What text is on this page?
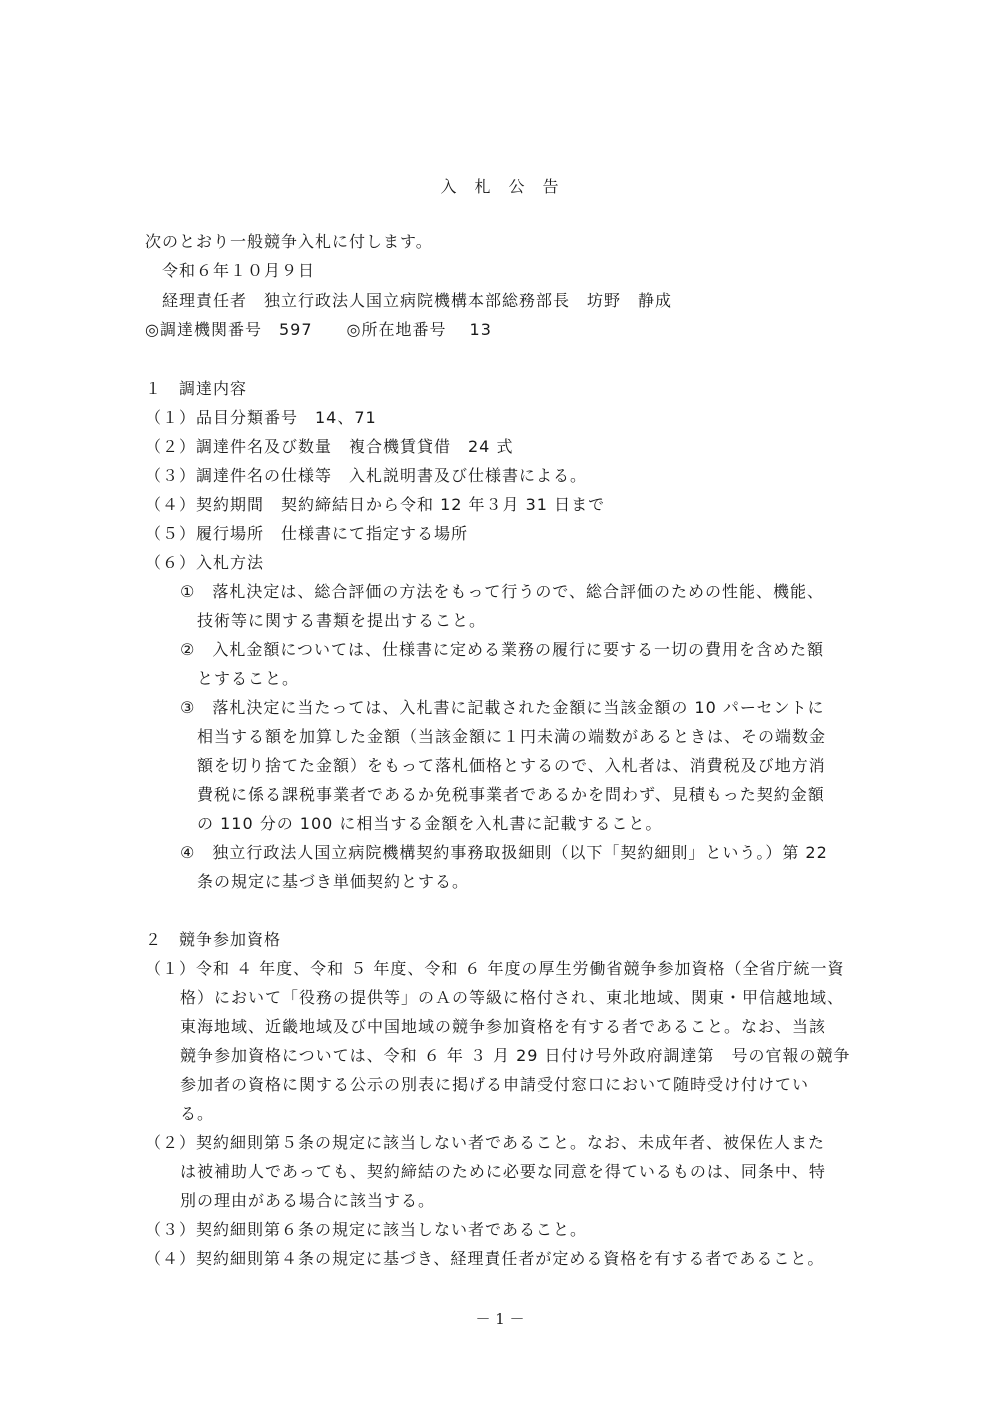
入　札　公　告
次のとおり一般競争入札に付します。
令和６年１０月９日
経理責任者　独立行政法人国立病院機構本部総務部長　坊野　静成
◎調達機関番号　597　　◎所在地番号　 13
１　調達内容
（１）品目分類番号　14、71
（２）調達件名及び数量　複合機賃貸借　24 式
（３）調達件名の仕様等　入札説明書及び仕様書による。
（４）契約期間　契約締結日から令和 12 年３月 31 日まで
（５）履行場所　仕様書にて指定する場所
（６）入札方法
①　落札決定は、総合評価の方法をもって行うので、総合評価のための性能、機能、
技術等に関する書類を提出すること。
②　入札金額については、仕様書に定める業務の履行に要する一切の費用を含めた額
とすること。
③　落札決定に当たっては、入札書に記載された金額に当該金額の 10 パーセントに
相当する額を加算した金額（当該金額に１円未満の端数があるときは、その端数金
額を切り捨てた金額）をもって落札価格とするので、入札者は、消費税及び地方消
費税に係る課税事業者であるか免税事業者であるかを問わず、見積もった契約金額
の 110 分の 100 に相当する金額を入札書に記載すること。
④　独立行政法人国立病院機構契約事務取扱細則（以下「契約細則」という。）第 22
条の規定に基づき単価契約とする。
２　競争参加資格
（１）令和 ４ 年度、令和 ５ 年度、令和 ６ 年度の厚生労働省競争参加資格（全省庁統一資
格）において「役務の提供等」のＡの等級に格付され、東北地域、関東・甲信越地域、
東海地域、近畿地域及び中国地域の競争参加資格を有する者であること。なお、当該
競争参加資格については、令和 ６ 年 ３ 月 29 日付け号外政府調達第　号の官報の競争
参加者の資格に関する公示の別表に掲げる申請受付窓口において随時受け付けてい
る。
（２）契約細則第５条の規定に該当しない者であること。なお、未成年者、被保佐人また
は被補助人であっても、契約締結のために必要な同意を得ているものは、同条中、特
別の理由がある場合に該当する。
（３）契約細則第６条の規定に該当しない者であること。
（４）契約細則第４条の規定に基づき、経理責任者が定める資格を有する者であること。
－ 1 －
